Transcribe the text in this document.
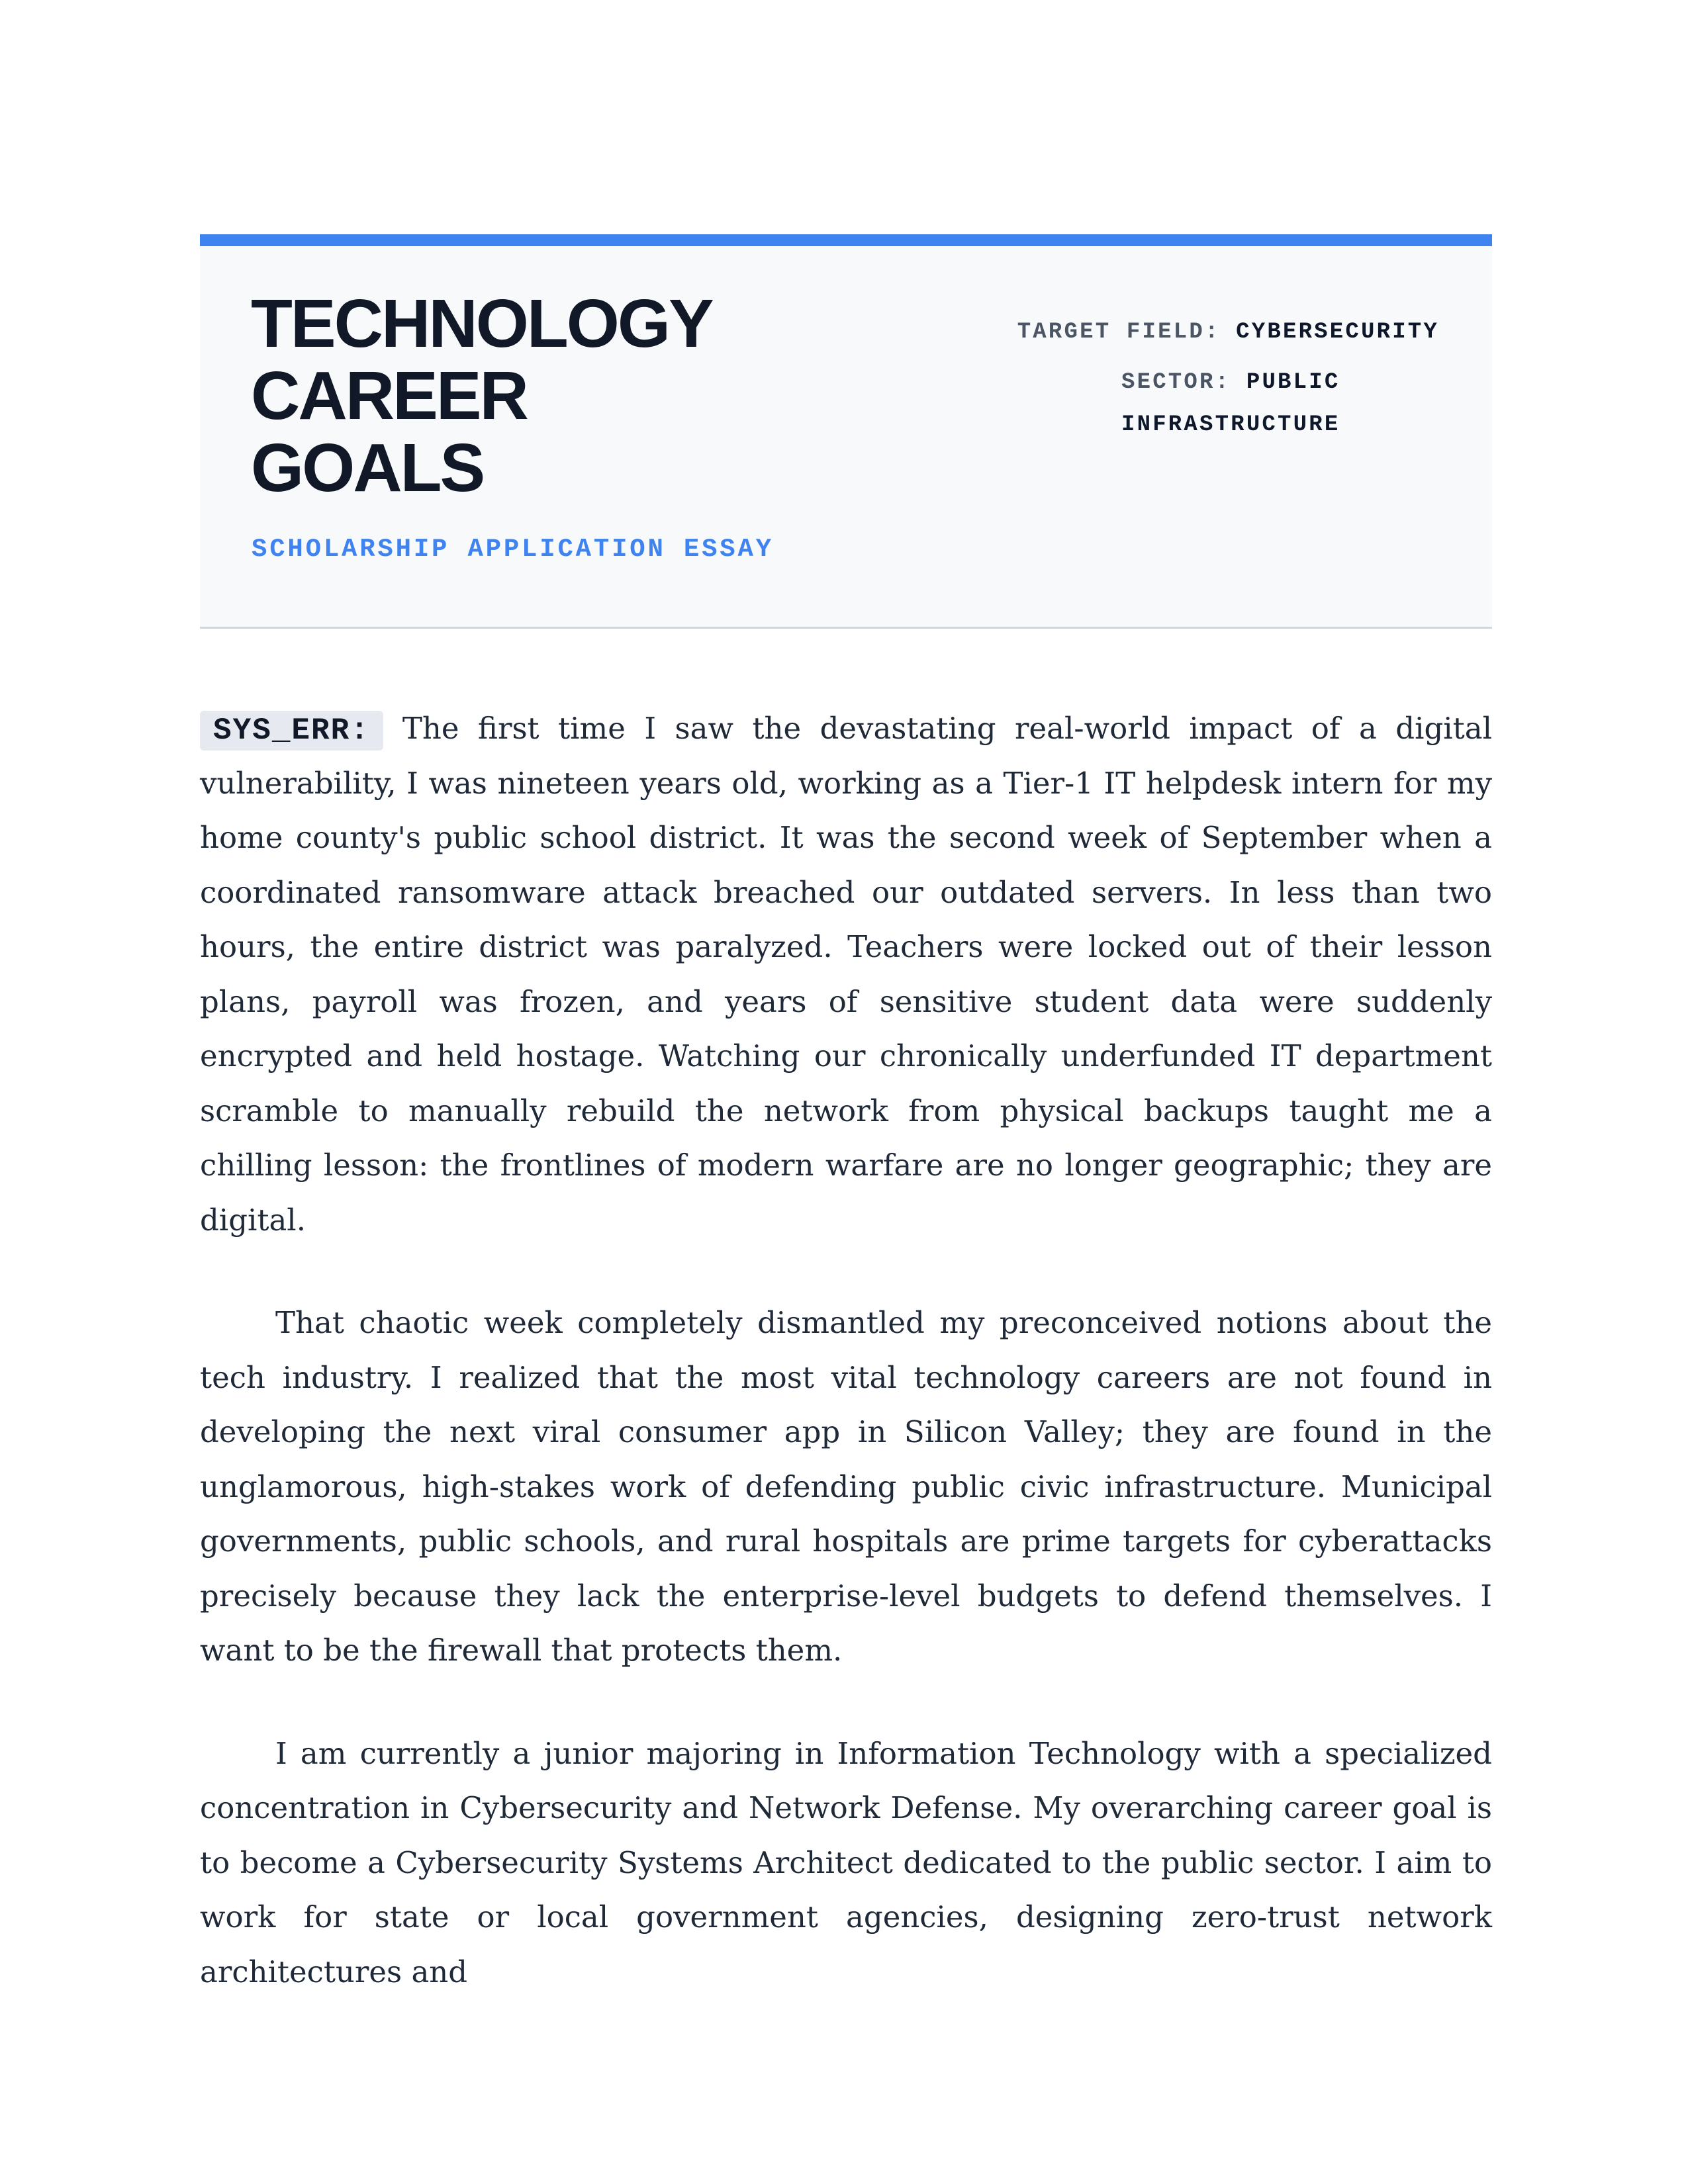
TECHNOLOGY
CAREER
GOALS
SCHOLARSHIP APPLICATION ESSAY
TARGET FIELD: CYBERSECURITY
SECTOR: PUBLIC INFRASTRUCTURE

SYS_ERR: The first time I saw the devastating real-world impact of a digital vulnerability, I was nineteen years old, working as a Tier-1 IT helpdesk intern for my home county's public school district. It was the second week of September when a coordinated ransomware attack breached our outdated servers. In less than two hours, the entire district was paralyzed. Teachers were locked out of their lesson plans, payroll was frozen, and years of sensitive student data were suddenly encrypted and held hostage. Watching our chronically underfunded IT department scramble to manually rebuild the network from physical backups taught me a chilling lesson: the frontlines of modern warfare are no longer geographic; they are digital.

That chaotic week completely dismantled my preconceived notions about the tech industry. I realized that the most vital technology careers are not found in developing the next viral consumer app in Silicon Valley; they are found in the unglamorous, high-stakes work of defending public civic infrastructure. Municipal governments, public schools, and rural hospitals are prime targets for cyberattacks precisely because they lack the enterprise-level budgets to defend themselves. I want to be the firewall that protects them.

I am currently a junior majoring in Information Technology with a specialized concentration in Cybersecurity and Network Defense. My overarching career goal is to become a Cybersecurity Systems Architect dedicated to the public sector. I aim to work for state or local government agencies, designing zero-trust network architectures and
